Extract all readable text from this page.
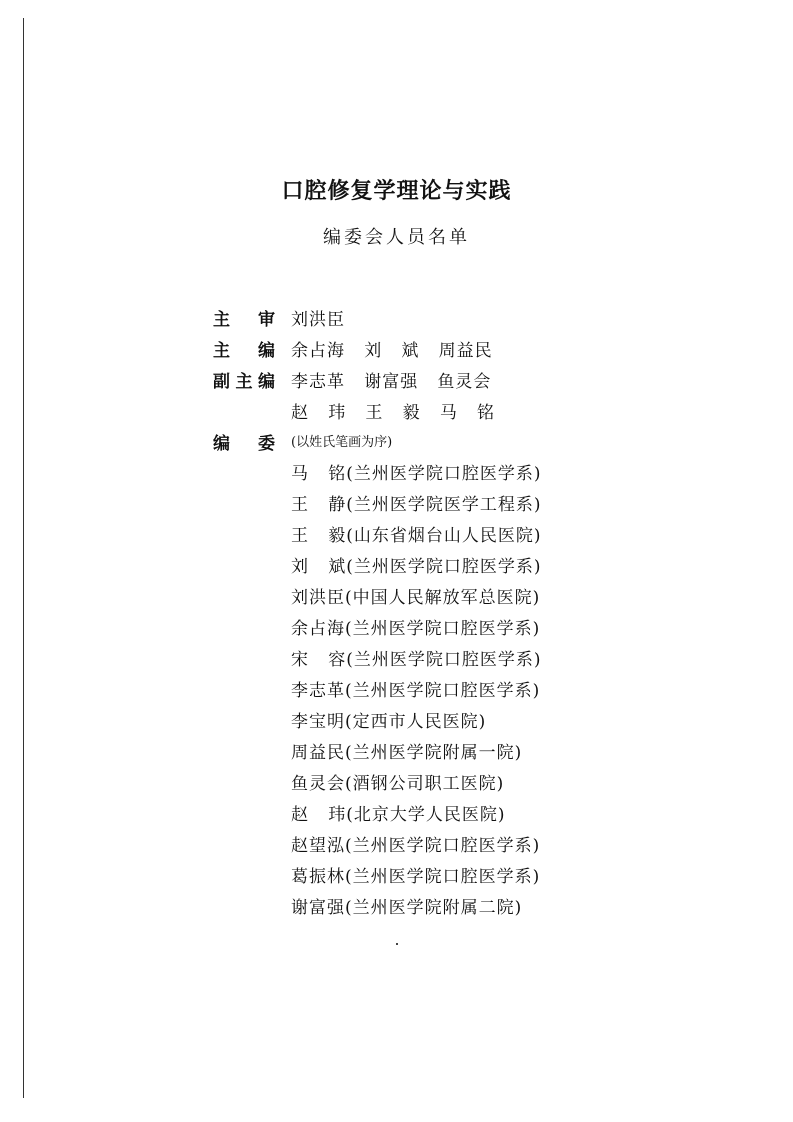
口腔修复学理论与实践
编委会人员名单
主审 刘洪臣
主编 余占海   刘   斌   周益民
副主编 李志革   谢富强   鱼灵会
赵   玮   王   毅   马   铭
编委 (以姓氏笔画为序)
马   铭(兰州医学院口腔医学系)
王   静(兰州医学院医学工程系)
王   毅(山东省烟台山人民医院)
刘   斌(兰州医学院口腔医学系)
刘洪臣(中国人民解放军总医院)
余占海(兰州医学院口腔医学系)
宋   容(兰州医学院口腔医学系)
李志革(兰州医学院口腔医学系)
李宝明(定西市人民医院)
周益民(兰州医学院附属一院)
鱼灵会(酒钢公司职工医院)
赵   玮(北京大学人民医院)
赵望泓(兰州医学院口腔医学系)
葛振林(兰州医学院口腔医学系)
谢富强(兰州医学院附属二院)
